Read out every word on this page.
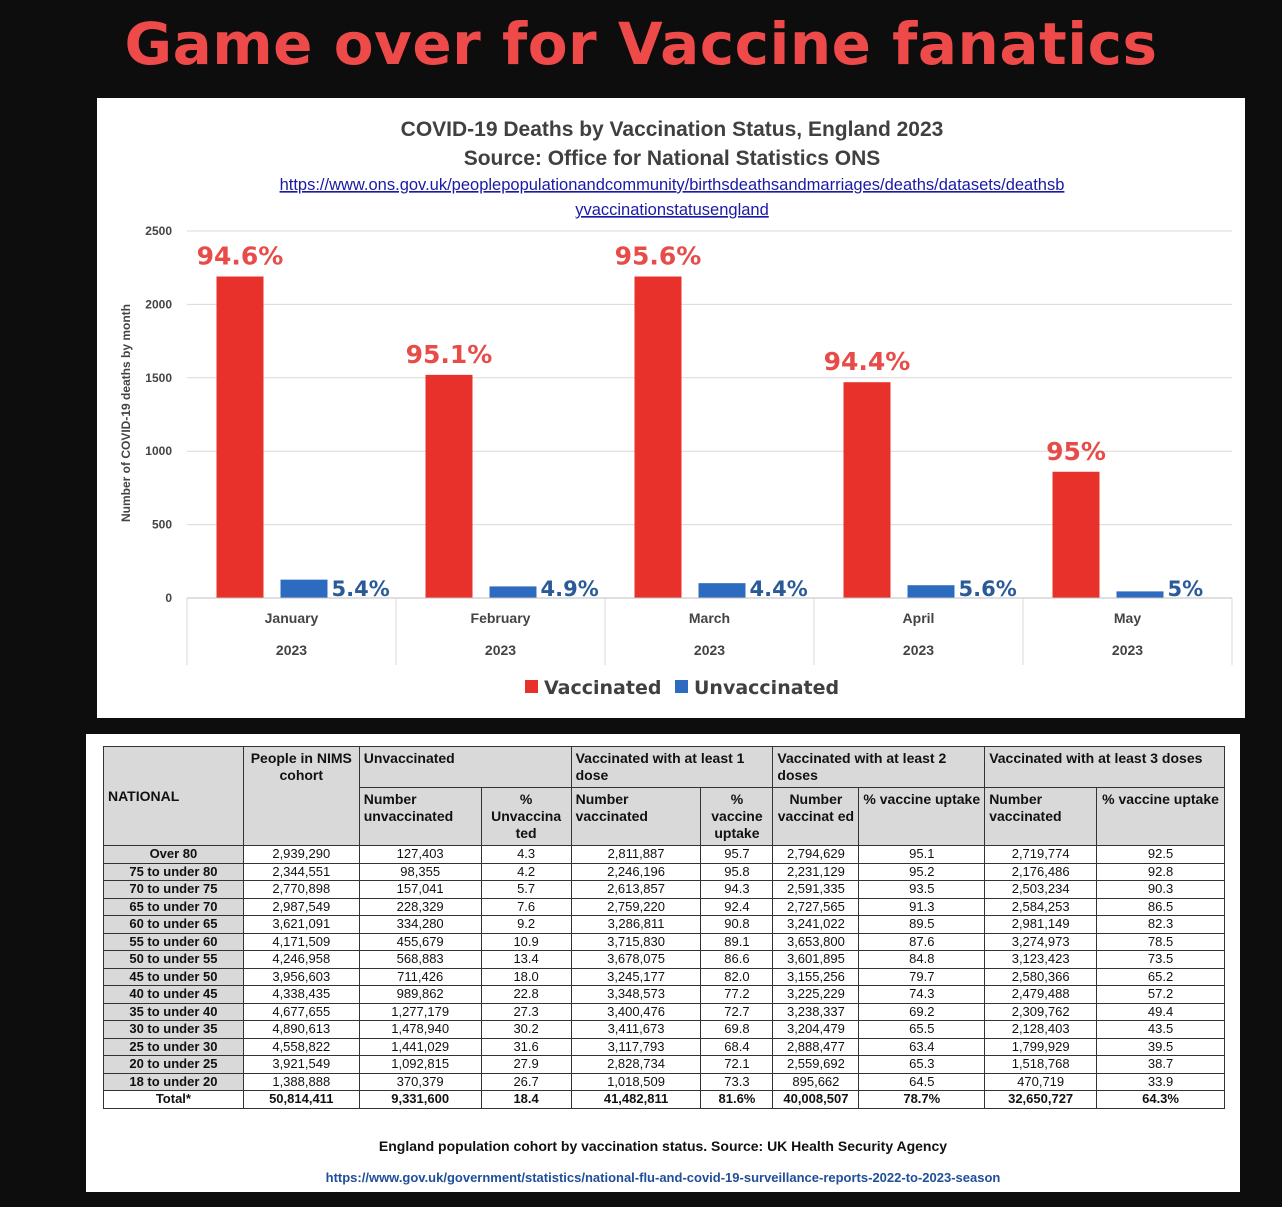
Game over for Vaccine fanatics
COVID-19 Deaths by Vaccination Status, England 2023
Source: Office for National Statistics ONS
https://www.ons.gov.uk/peoplepopulationandcommunity/birthsdeathsandmarriages/deaths/datasets/deathsb
yvaccinationstatusengland
Number of COVID-19 deaths by month
94.6%
95.1%
95.6%
94.4%
95%
5.4%	4.9%	4.4%	5.6%	5%
0
500
1000
1500
2000
2500
January
2023
February
2023
March
2023
April
2023
May
2023
Vaccinated Unvaccinated
NATIONAL	People in NIMS cohort	Unvaccinated		Vaccinated with at least 1 dose		Vaccinated with at least 2 doses		Vaccinated with at least 3 doses	
		Number unvaccinated	% Unvaccina ted	Number vaccinated	% vaccine uptake	Number vaccinat ed	% vaccine uptake	Number vaccinated	% vaccine uptake
Over 80	2,939,290	127,403	4.3	2,811,887	95.7	2,794,629	95.1	2,719,774	92.5
75 to under 80	2,344,551	98,355	4.2	2,246,196	95.8	2,231,129	95.2	2,176,486	92.8
70 to under 75	2,770,898	157,041	5.7	2,613,857	94.3	2,591,335	93.5	2,503,234	90.3
65 to under 70	2,987,549	228,329	7.6	2,759,220	92.4	2,727,565	91.3	2,584,253	86.5
60 to under 65	3,621,091	334,280	9.2	3,286,811	90.8	3,241,022	89.5	2,981,149	82.3
55 to under 60	4,171,509	455,679	10.9	3,715,830	89.1	3,653,800	87.6	3,274,973	78.5
50 to under 55	4,246,958	568,883	13.4	3,678,075	86.6	3,601,895	84.8	3,123,423	73.5
45 to under 50	3,956,603	711,426	18.0	3,245,177	82.0	3,155,256	79.7	2,580,366	65.2
40 to under 45	4,338,435	989,862	22.8	3,348,573	77.2	3,225,229	74.3	2,479,488	57.2
35 to under 40	4,677,655	1,277,179	27.3	3,400,476	72.7	3,238,337	69.2	2,309,762	49.4
30 to under 35	4,890,613	1,478,940	30.2	3,411,673	69.8	3,204,479	65.5	2,128,403	43.5
25 to under 30	4,558,822	1,441,029	31.6	3,117,793	68.4	2,888,477	63.4	1,799,929	39.5
20 to under 25	3,921,549	1,092,815	27.9	2,828,734	72.1	2,559,692	65.3	1,518,768	38.7
18 to under 20	1,388,888	370,379	26.7	1,018,509	73.3	895,662	64.5	470,719	33.9
Total*	50,814,411	9,331,600	18.4	41,482,811	81.6%	40,008,507	78.7%	32,650,727	64.3%
England population cohort by vaccination status. Source: UK Health Security Agency
https://www.gov.uk/government/statistics/national-flu-and-covid-19-surveillance-reports-2022-to-2023-season
